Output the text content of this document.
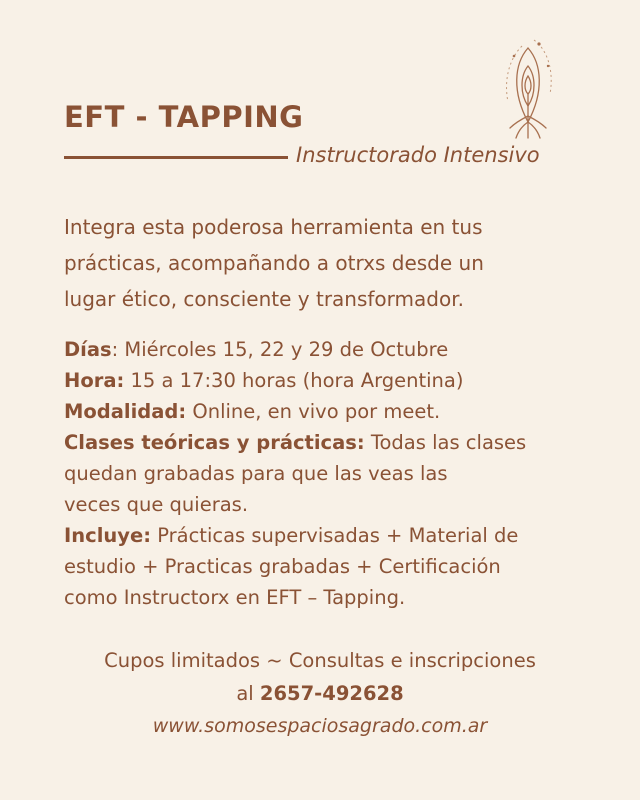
EFT - TAPPING
Instructorado Intensivo
Integra esta poderosa herramienta en tus
prácticas, acompañando a otrxs desde un
lugar ético, consciente y transformador.
Días: Miércoles 15, 22 y 29 de Octubre
Hora: 15 a 17:30 horas (hora Argentina)
Modalidad: Online, en vivo por meet.
Clases teóricas y prácticas: Todas las clases
quedan grabadas para que las veas las
veces que quieras.
Incluye: Prácticas supervisadas + Material de
estudio + Practicas grabadas + Certificación
como Instructorx en EFT – Tapping.
Cupos limitados ~ Consultas e inscripciones
al 2657-492628
www.somosespaciosagrado.com.ar
